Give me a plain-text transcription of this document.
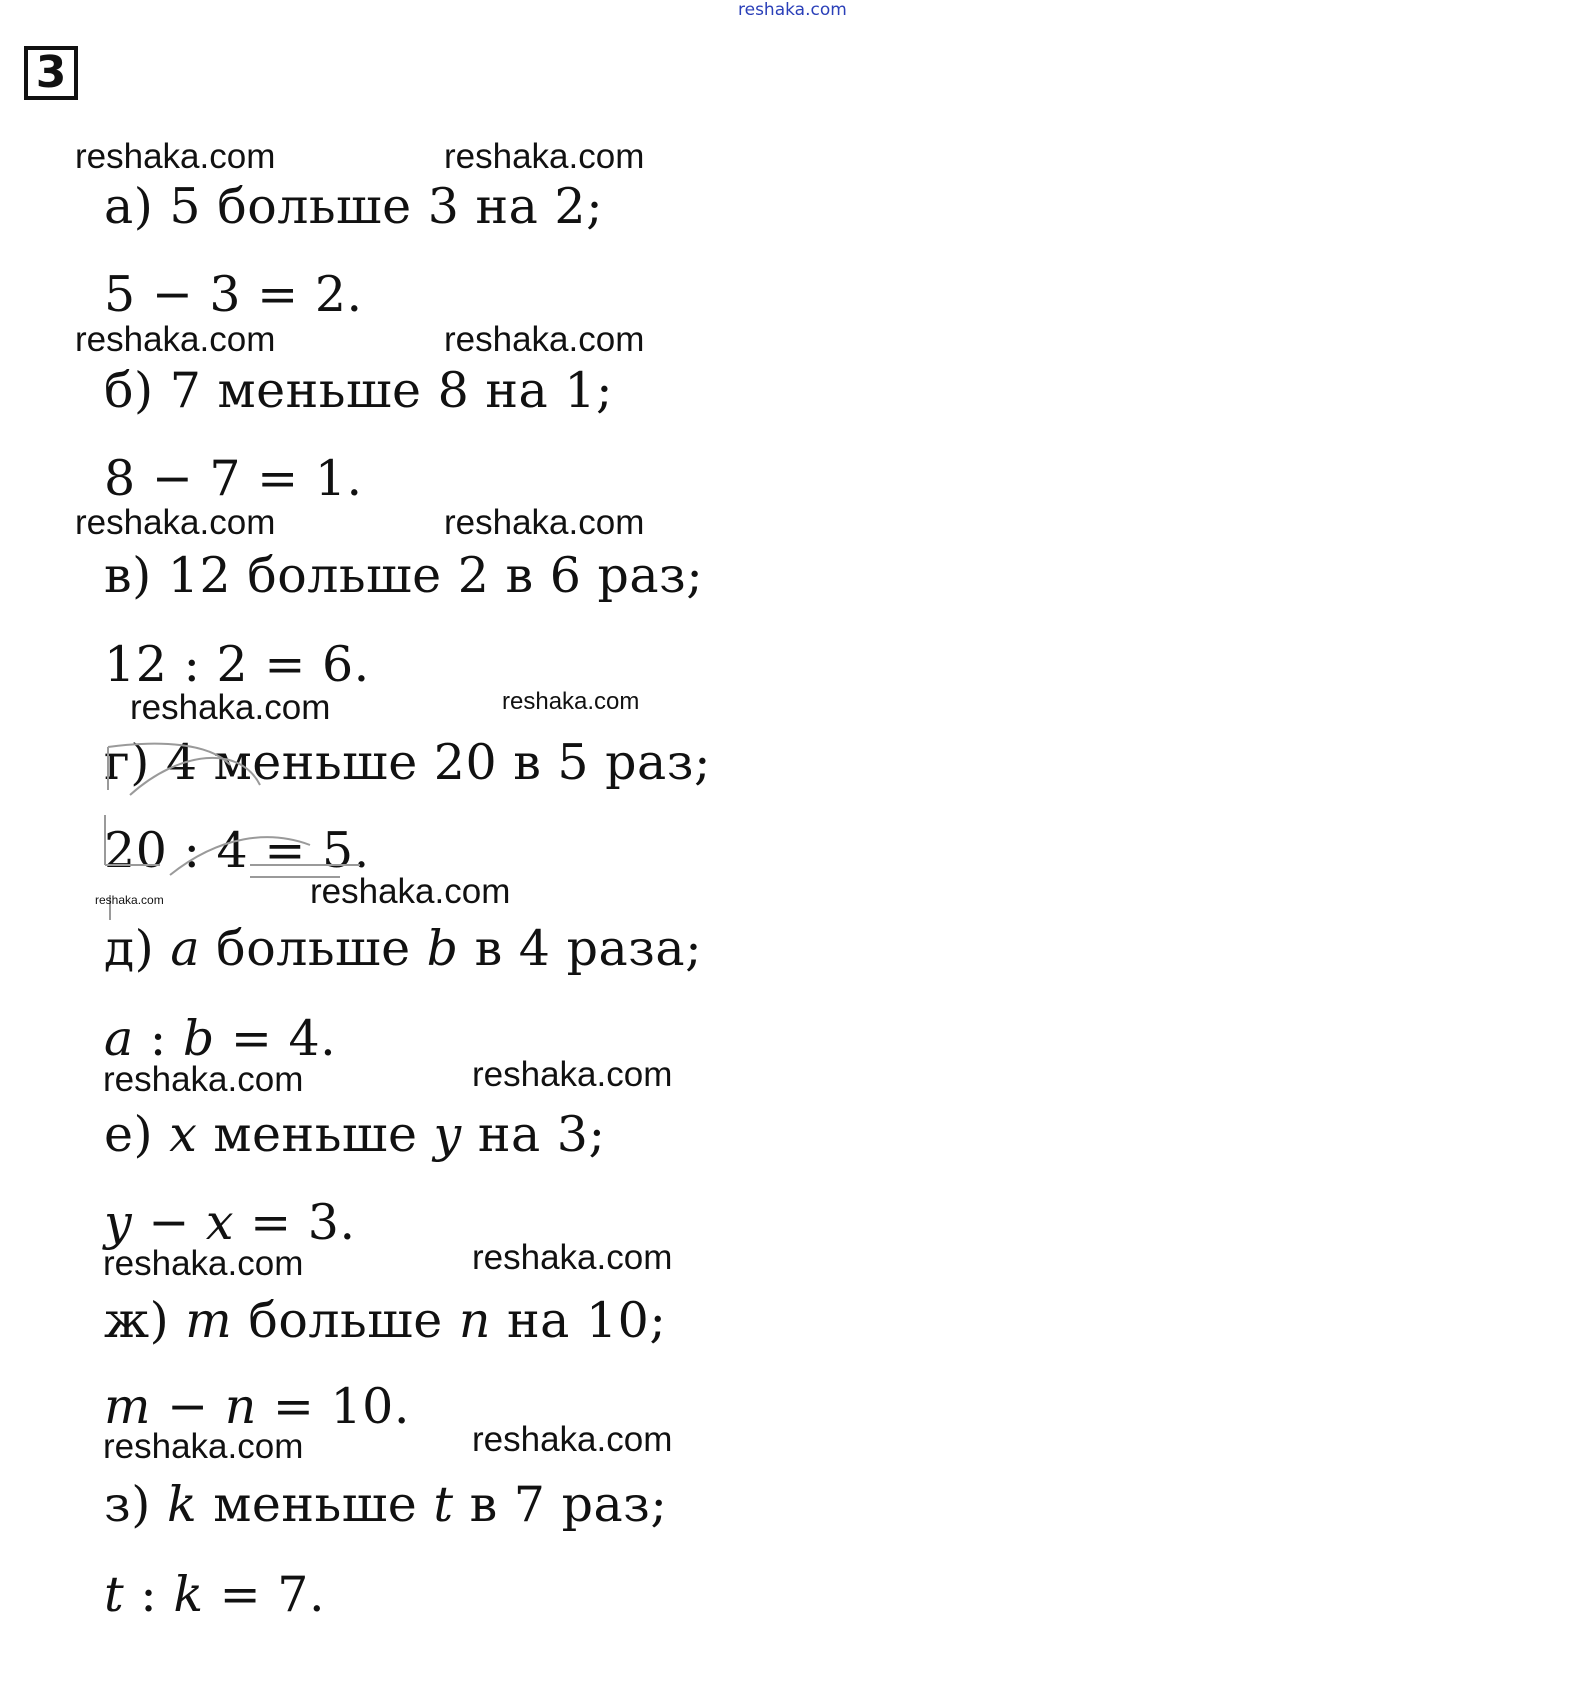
reshaka.com
3
reshaka.com	reshaka.com
а) 5 больше 3 на 2;
5 − 3 = 2.
reshaka.com	reshaka.com
б) 7 меньше 8 на 1;
8 − 7 = 1.
reshaka.com	reshaka.com
в) 12 больше 2 в 6 раз;
12 : 2 = 6.
reshaka.com	reshaka.com
г) 4 меньше 20 в 5 раз;
20 : 4 = 5.
reshaka.com	reshaka.com
д) a больше b в 4 раза;
a : b = 4.
reshaka.com	reshaka.com
е) x меньше y на 3;
y − x = 3.
reshaka.com	reshaka.com
ж) m больше n на 10;
m − n = 10.
reshaka.com	reshaka.com
з) k меньше t в 7 раз;
t : k = 7.
